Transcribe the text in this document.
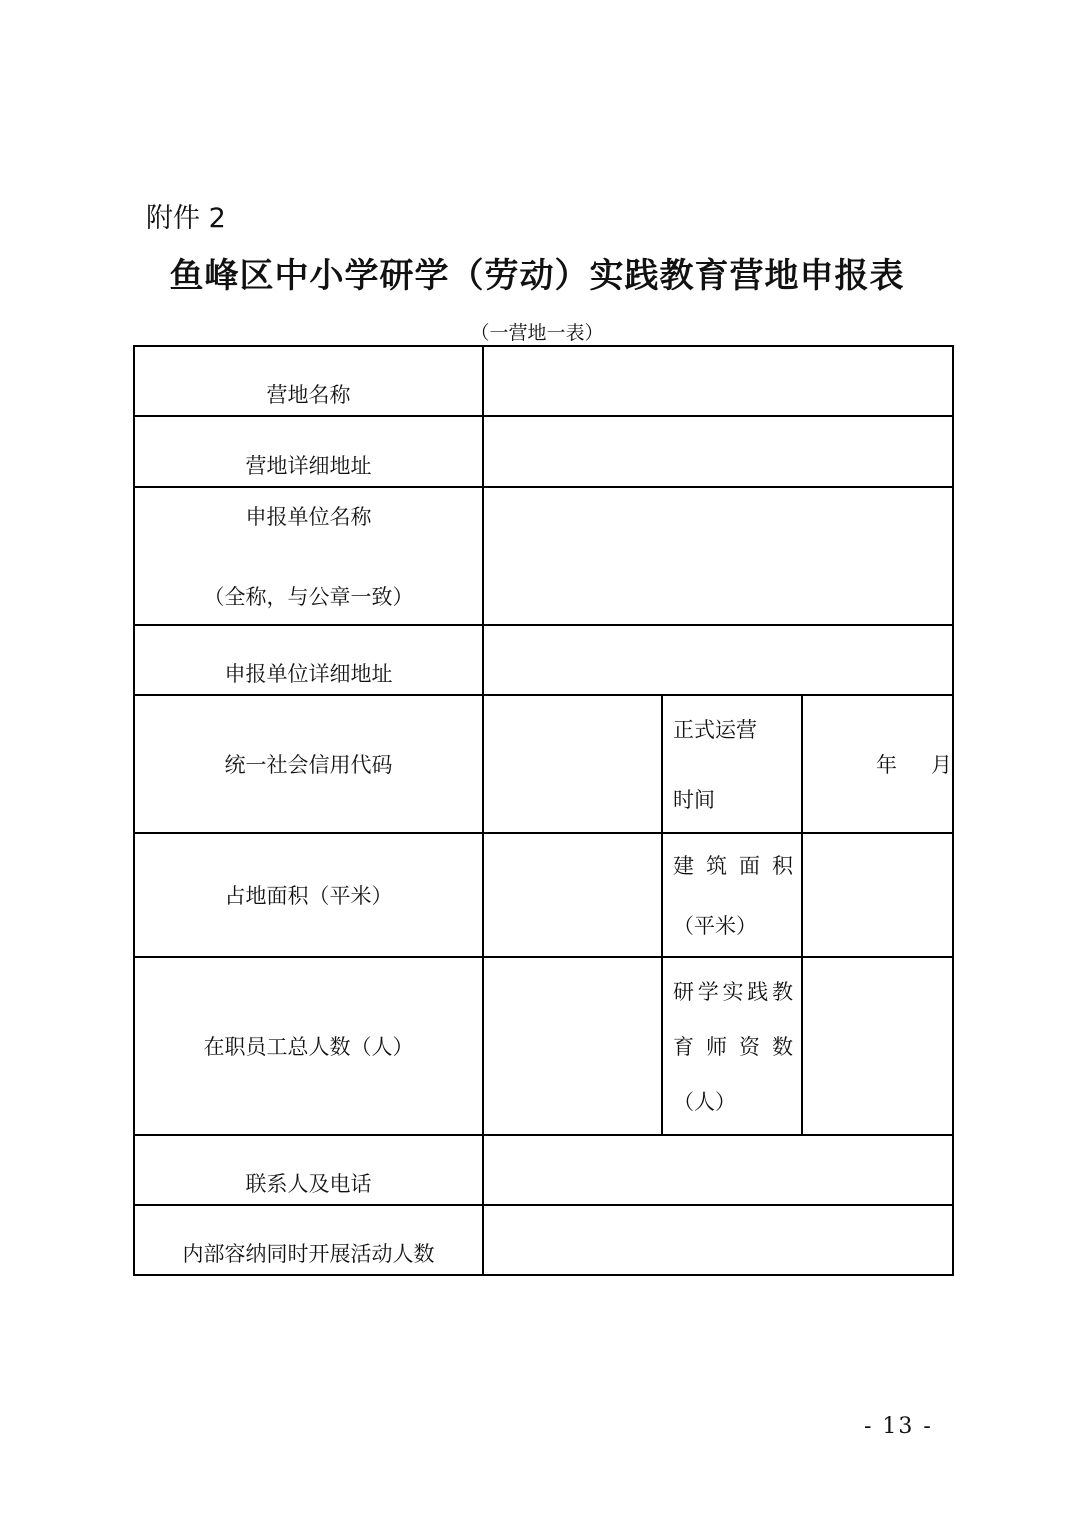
附件 2
鱼峰区中小学研学（劳动）实践教育营地申报表
（一营地一表）
营地名称			
营地详细地址			

申报单位名称
（全称，与公章一致）			

申报单位详细地址			
统一社会信用代码		正式运营
时间	年 月
占地面积（平米）		建筑面积
（平米）	

在职员工总人数（人）		研学实践教
育师资数
（人）	

联系人及电话			
内部容纳同时开展活动人数			
- 13 -
